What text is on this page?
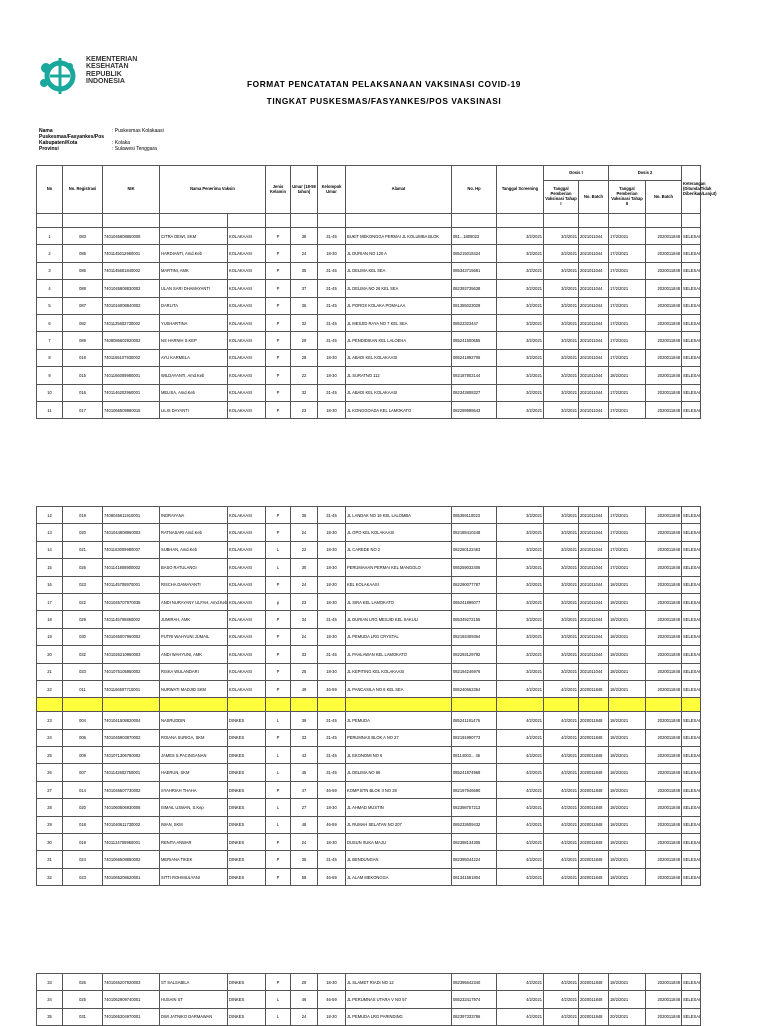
KEMENTERIAN
KESEHATAN
REPUBLIK
INDONESIA	FORMAT PENCATATAN PELAKSANAAN VAKSINASI COVID-19
TINGKAT PUSKESMAS/FASYANKES/POS VAKSINASI
Nama Puskesmas/Fasyankes/Pos
: Puskesmas Kolakaasi
Kabupaten/Kota	: Kolaka
Provinsi	: Sulawesi Tenggara
No	No. Registrasi	NIK	Nama Penerima Vaksin		Jenis Kelamin	Umur (18-59 tahun)	Kelompok Umur	Alamat	No. Hp	Tanggal Screening	Dosis I		Dosis 2		Keterangan (Ditunda/Tidak Diberikan/Lanjut)
											Tanggal Pemberian Vaksinasi Tahap I	No. Batch	Tanggal Pemberian Vaksinasi Tahap II	No. Batch	

1	083	7401046808850008	CITRA DEWI, SKM	KOLAKAASI	P	38	31-45	BUKIT MEKONGGA PERMAI JL KOLUMBA BLOK	081...1808023	3/2/2021	3/2/2021	2021011044	17/2/2021	2020011848	SELESAI
2	085	7401145012960001	HARDIANTI, Amd.Keb	KOLAKAASI	P	24	18-30	JL DURIAN NO 120 A	085215018424	3/2/2021	3/2/2021	2021011044	17/2/2021	2020011848	SELESAI
3	086	7401145601840002	MARTINI, AMK	KOLAKAASI	P	35	31-45	JL DELIMA KEL SEA	085343715681	3/2/2021	3/2/2021	2021011044	17/2/2021	2020011848	SELESAI
4	088	7401045808830002	ULAN SARI DHAMAYANTI	KOLAKAASI	P	37	31-45	JL DELIMA NO 26 KEL SEA	082393735638	3/2/2021	3/2/2021	2021011044	17/2/2021	2020011848	SELESAI
5	087	7401016008840002	DARLITA	KOLAKAASI	P	36	31-45	JL POROS KOLAKA POMALAA	081355023029	3/2/2021	3/2/2021	2021011044	17/2/2021	2020011848	SELESAI
6	082	7401125602730002	YUSHARTINA	KOLAKAASI	P	32	31-45	JL MESJID RAYA NO 7 KEL SEA	08522323447	3/2/2021	3/2/2021	2021011044	17/2/2021	2020011848	SELESAI
7	089	7408086602920002	NS HARNIH S.KEP	KOLAKAASI	P	29	31-45	JL PENDIDIKAN KEL LALOEHA	085241500655	3/2/2021	3/2/2021	2021011044	17/2/2021	2020011848	SELESAI
8	018	7401165107930002	AYU KARMELA	KOLAKAASI	P	28	18-30	JL ABADI KEL KOLAKAASI	085241892706	3/2/2021	3/2/2021	2021011044	17/2/2021	2020011848	SELESAI
9	015	7401166009980001	WILDAYANTI, Amd.Keb	KOLAKAASI	P	22	18-30	JL SURATNO 112	082187802144	3/2/2021	3/2/2021	2021011044	18/2/2021	2020011848	SELESAI
10	016	7401146202960001	MELISA, Amd.Keb	KOLAKAASI	P	32	31-45	JL ABADI KEL KOLAKAASI	082343808327	3/2/2021	3/2/2021	2021011044	17/2/2021	2020011848	SELESAI
11	017	7401066509980015	LILIS DAYANTI	KOLAKAASI	P	23	18-30	JL KONGGOADA KEL LAMOKATO	082299998643	3/2/2021	3/2/2021	2021011044	17/2/2021	2020011848	SELESAI
12	019	7408045611910001	INDRAYANA	KOLAKAASI	P	36	31-45	JL LANDAK NO 16 KEL LALOMBA	085359110023	3/2/2021	3/2/2021	2021011044	17/2/2021	2020011848	SELESAI
13	020	7401044808960003	RATNASARI Amd.Keb	KOLAKAASI	P	24	18-30	JL OPO KEL KOLAKAASI	082188410248	3/2/2021	3/2/2021	2021011044	17/2/2021	2020011848	SELESAI
14	021	7401163009980007	SUBHAN, Amd.Keb	KOLAKAASI	L	22	18-30	JL CAREDE NO 2	082260122463	3/2/2021	3/2/2021	2021011044	17/2/2021	2020011848	SELESAI
15	026	7401141808900002	BASO RATULANGI	KOLAKAASI	L	30	18-30	PERUMAHAN PERMAI KEL MANGOLO	085259032406	3/2/2021	3/2/2021	2021011044	17/2/2021	2020011848	SELESAI
16	023	7401145708970001	RISCHA DAMAYANTI	KOLAKAASI	P	24	18-30	KEL KOLAKAASI	082290077787	3/2/2021	3/2/2021	2021011044	18/2/2021	2020011848	SELESAI
17	022	7401045707970035	ANDI NURAYANY ULFAH, Amd.Keb	KOLAKAASI	p	23	18-30	JL SIRA KEL LAMOKATO	085241896077	3/2/2021	3/2/2021	2021011044	18/2/2021	2020011848	SELESAI
18	029	7401145708860002	JUMIRAH, AMK	KOLAKAASI	P	34	31-45	JL DURIAN LRG MESJID KEL SAKULI	085349272155	3/2/2021	3/2/2021	2021011044	18/2/2021	2020011848	SELESAI
19	030	7401046007960002	PUTRI WAHYUNI JUMAIL	KOLAKAASI	P	24	18-30	JL PEMUDA LRG CRYSTAL	082193409364	3/2/2021	3/2/2021	2021011044	18/2/2021	2020011848	SELESAI
20	032	7401026210960003	ANDI WAHYUNI, AMK	KOLAKAASI	P	33	31-45	JL PAHLAWAN KEL LAMOKATO	082293129792	3/2/2021	3/2/2021	2021011044	18/2/2021	2020011848	SELESAI
21	033	7401075105950002	RISKA WULANDARI	KOLAKAASI	P	25	18-30	JL KEPITING KEL KOLAKAASI	082194246976	3/2/2021	3/2/2021	2021011044	18/2/2021	2020011848	SELESAI
22	011	7401166507710001	NURWATI MADJID SKM	KOLAKAASI	P	49	46-59	JL PANCASILA NO 6 KEL SEA	085240662364	4/2/2021	4/2/2021	2020011848	18/2/2021	2020011848	SELESAI

23	004	7401041508820004	NASRUDDIN	DINKES	L	39	31-45	JL PEMUDA	085241191476	4/2/2021	4/2/2021	2020011848	18/2/2021	2020011848	SELESAI
24	006	7401045903870002	ROIANA SURIGA, SKM	DINKES	P	33	31-45	PERUMNAS BLOK A NO 27	082191990773	4/2/2021	4/2/2021	2020011848	18/2/2021	2020011848	SELESAI
25	009	7401071306780002	JAMES S.PACINGANAN	DINKES	L	43	31-45	JL EKONOMI NO 6	08114003... 46	4/2/2021	4/2/2021	2020011848	18/2/2021	2020011848	SELESAI
26	007	7401142602750001	HAERUN, SKM	DINKES	L	45	31-45	JL DELIMA NO 66	085241874969	4/2/2021	4/2/2021	2020011848	18/2/2021	2020011848	SELESAI
27	014	7401046507730002	SYAHRIAH THAHA	DINKES	P	47	46-59	KOMP BTN BLOK II NO 28	082197946690	4/2/2021	4/2/2021	2020011848	18/2/2021	2020011848	SELESAI
28	020	7401060506930006	ISMAIL USMAN, S.Kep	DINKES	L	27	18-30	JL AHMAD MUSTIN	082398757213	4/2/2021	4/2/2021	2020011848	18/2/2021	2020011848	SELESAI
29	018	7401040611730002	IWAN, SKM	DINKES	L	48	46-59	JL RUMAH SELATAN NO 207	085233609432	4/2/2021	4/2/2021	2020011848	18/2/2021	2020011848	SELESAI
30	019	7401124708960001	RENITA ANWAR	DINKES	P	24	18-30	DUSUN SUKA MAJU	082398134305	4/2/2021	4/2/2021	2020011848	18/2/2021	2020011848	SELESAI
31	024	7401066508850002	MERIANA TIKEK	DINKES	P	35	31-45	JL BENDUNGAN	082395044224	4/2/2021	4/2/2021	2020011848	18/2/2021	2020011848	SELESAI
32	023	7401065208620001	SITTI ROHMIULYANI	DINKES	P	58	46-59	JL ALAM MEKONGGA	081341581804	4/2/2021	4/2/2021	2020011848	18/2/2021	2020011848	SELESAI
33	026	7401046207920003	ST SALSABILA	DINKES	P	29	18-30	JL SLAMET RIADI NO 12	082395642340	4/2/2021	4/2/2021	2020011848	18/2/2021	2020011848	SELESAI
34	025	7401062909740001	HUSAIN ST	DINKES	L	46	46-59	JL PERUMNAS UTARA V NO 57	085233417974	4/2/2021	4/2/2021	2020011848	18/2/2021	2020011848	SELESAI
35	031	7401065304970001	DWI JATNIKO DARMAWAN	DINKES	L	24	18-30	JL PEMUDA LRG PARINDING	082397333786	4/2/2021	4/2/2021	2020011848	20/2/2021	2020011848	SELESAI
